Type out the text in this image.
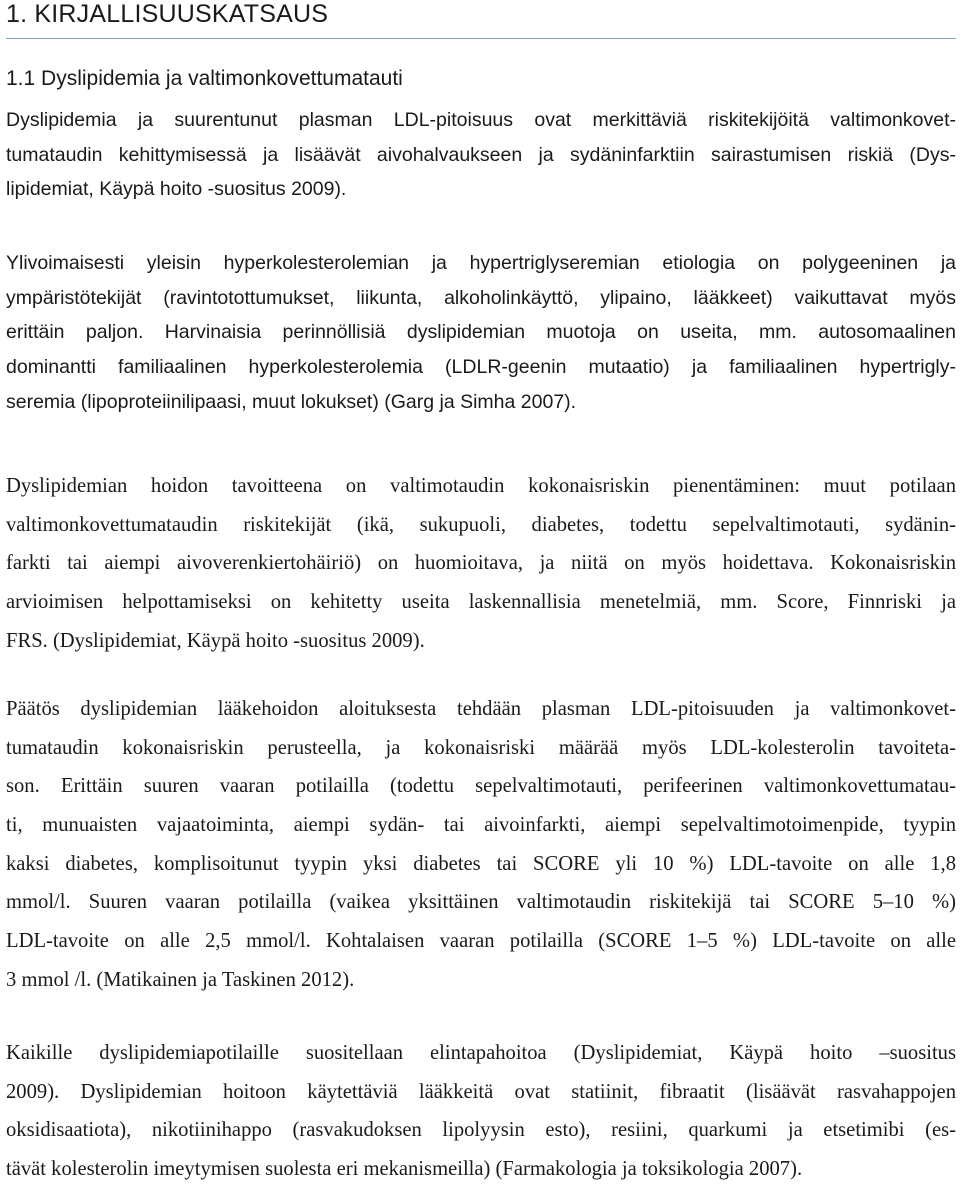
1. KIRJALLISUUSKATSAUS
1.1 Dyslipidemia ja valtimonkovettumatauti

Dyslipidemia ja suurentunut plasman LDL-pitoisuus ovat merkittäviä riskitekijöitä valtimonkovet-
tumataudin kehittymisessä ja lisäävät aivohalvaukseen ja sydäninfarktiin sairastumisen riskiä (Dys-
lipidemiat, Käypä hoito -suositus 2009).

Ylivoimaisesti yleisin hyperkolesterolemian ja hypertriglyseremian etiologia on polygeeninen ja
ympäristötekijät (ravintotottumukset, liikunta, alkoholinkäyttö, ylipaino, lääkkeet) vaikuttavat myös
erittäin paljon. Harvinaisia perinnöllisiä dyslipidemian muotoja on useita, mm. autosomaalinen
dominantti familiaalinen hyperkolesterolemia (LDLR-geenin mutaatio) ja familiaalinen hypertrigly-
seremia (lipoproteiinilipaasi, muut lokukset) (Garg ja Simha 2007).

Dyslipidemian hoidon tavoitteena on valtimotaudin kokonaisriskin pienentäminen: muut potilaan
valtimonkovettumataudin riskitekijät (ikä, sukupuoli, diabetes, todettu sepelvaltimotauti, sydänin-
farkti tai aiempi aivoverenkiertohäiriö) on huomioitava, ja niitä on myös hoidettava. Kokonaisriskin
arvioimisen helpottamiseksi on kehitetty useita laskennallisia menetelmiä, mm. Score, Finnriski ja
FRS. (Dyslipidemiat, Käypä hoito -suositus 2009).

Päätös dyslipidemian lääkehoidon aloituksesta tehdään plasman LDL-pitoisuuden ja valtimonkovet-
tumataudin kokonaisriskin perusteella, ja kokonaisriski määrää myös LDL-kolesterolin tavoiteta-
son. Erittäin suuren vaaran potilailla (todettu sepelvaltimotauti, perifeerinen valtimonkovettumatau-
ti, munuaisten vajaatoiminta, aiempi sydän- tai aivoinfarkti, aiempi sepelvaltimotoimenpide, tyypin
kaksi diabetes, komplisoitunut tyypin yksi diabetes tai SCORE yli 10 %) LDL-tavoite on alle 1,8
mmol/l. Suuren vaaran potilailla (vaikea yksittäinen valtimotaudin riskitekijä tai SCORE 5–10 %)
LDL-tavoite on alle 2,5 mmol/l. Kohtalaisen vaaran potilailla (SCORE 1–5 %) LDL-tavoite on alle
3 mmol /l. (Matikainen ja Taskinen 2012).

Kaikille dyslipidemiapotilaille suositellaan elintapahoitoa (Dyslipidemiat, Käypä hoito –suositus
2009). Dyslipidemian hoitoon käytettäviä lääkkeitä ovat statiinit, fibraatit (lisäävät rasvahappojen
oksidisaatiota), nikotiinihappo (rasvakudoksen lipolyysin esto), resiini, quarkumi ja etsetimibi (es-
tävät kolesterolin imeytymisen suolesta eri mekanismeilla) (Farmakologia ja toksikologia 2007).
